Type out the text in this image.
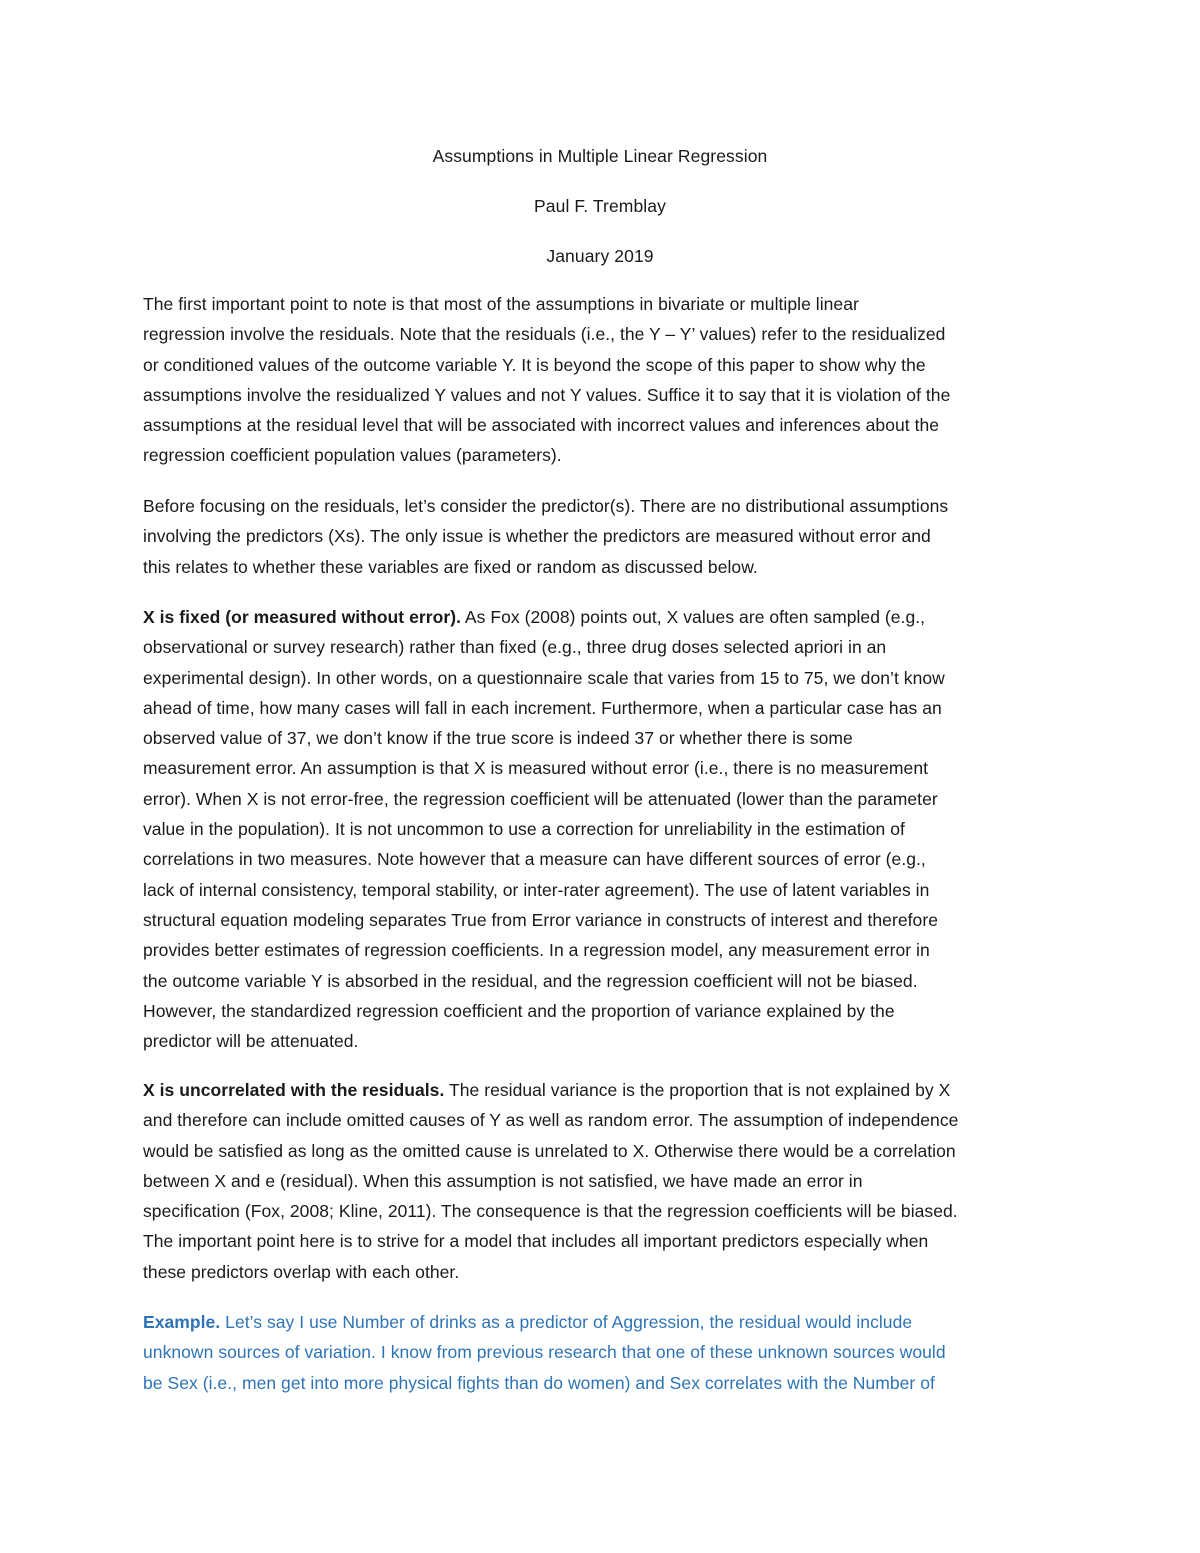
Assumptions in Multiple Linear Regression
Paul F. Tremblay
January 2019
The first important point to note is that most of the assumptions in bivariate or multiple linear
regression involve the residuals. Note that the residuals (i.e., the Y – Y’ values) refer to the residualized
or conditioned values of the outcome variable Y. It is beyond the scope of this paper to show why the
assumptions involve the residualized Y values and not Y values. Suffice it to say that it is violation of the
assumptions at the residual level that will be associated with incorrect values and inferences about the
regression coefficient population values (parameters).
Before focusing on the residuals, let’s consider the predictor(s). There are no distributional assumptions
involving the predictors (Xs). The only issue is whether the predictors are measured without error and
this relates to whether these variables are fixed or random as discussed below.
X is fixed (or measured without error). As Fox (2008) points out, X values are often sampled (e.g.,
observational or survey research) rather than fixed (e.g., three drug doses selected apriori in an
experimental design). In other words, on a questionnaire scale that varies from 15 to 75, we don’t know
ahead of time, how many cases will fall in each increment. Furthermore, when a particular case has an
observed value of 37, we don’t know if the true score is indeed 37 or whether there is some
measurement error. An assumption is that X is measured without error (i.e., there is no measurement
error). When X is not error-free, the regression coefficient will be attenuated (lower than the parameter
value in the population). It is not uncommon to use a correction for unreliability in the estimation of
correlations in two measures. Note however that a measure can have different sources of error (e.g.,
lack of internal consistency, temporal stability, or inter-rater agreement). The use of latent variables in
structural equation modeling separates True from Error variance in constructs of interest and therefore
provides better estimates of regression coefficients. In a regression model, any measurement error in
the outcome variable Y is absorbed in the residual, and the regression coefficient will not be biased.
However, the standardized regression coefficient and the proportion of variance explained by the
predictor will be attenuated.
X is uncorrelated with the residuals. The residual variance is the proportion that is not explained by X
and therefore can include omitted causes of Y as well as random error. The assumption of independence
would be satisfied as long as the omitted cause is unrelated to X. Otherwise there would be a correlation
between X and e (residual). When this assumption is not satisfied, we have made an error in
specification (Fox, 2008; Kline, 2011). The consequence is that the regression coefficients will be biased.
The important point here is to strive for a model that includes all important predictors especially when
these predictors overlap with each other.
Example. Let’s say I use Number of drinks as a predictor of Aggression, the residual would include
unknown sources of variation. I know from previous research that one of these unknown sources would
be Sex (i.e., men get into more physical fights than do women) and Sex correlates with the Number of
